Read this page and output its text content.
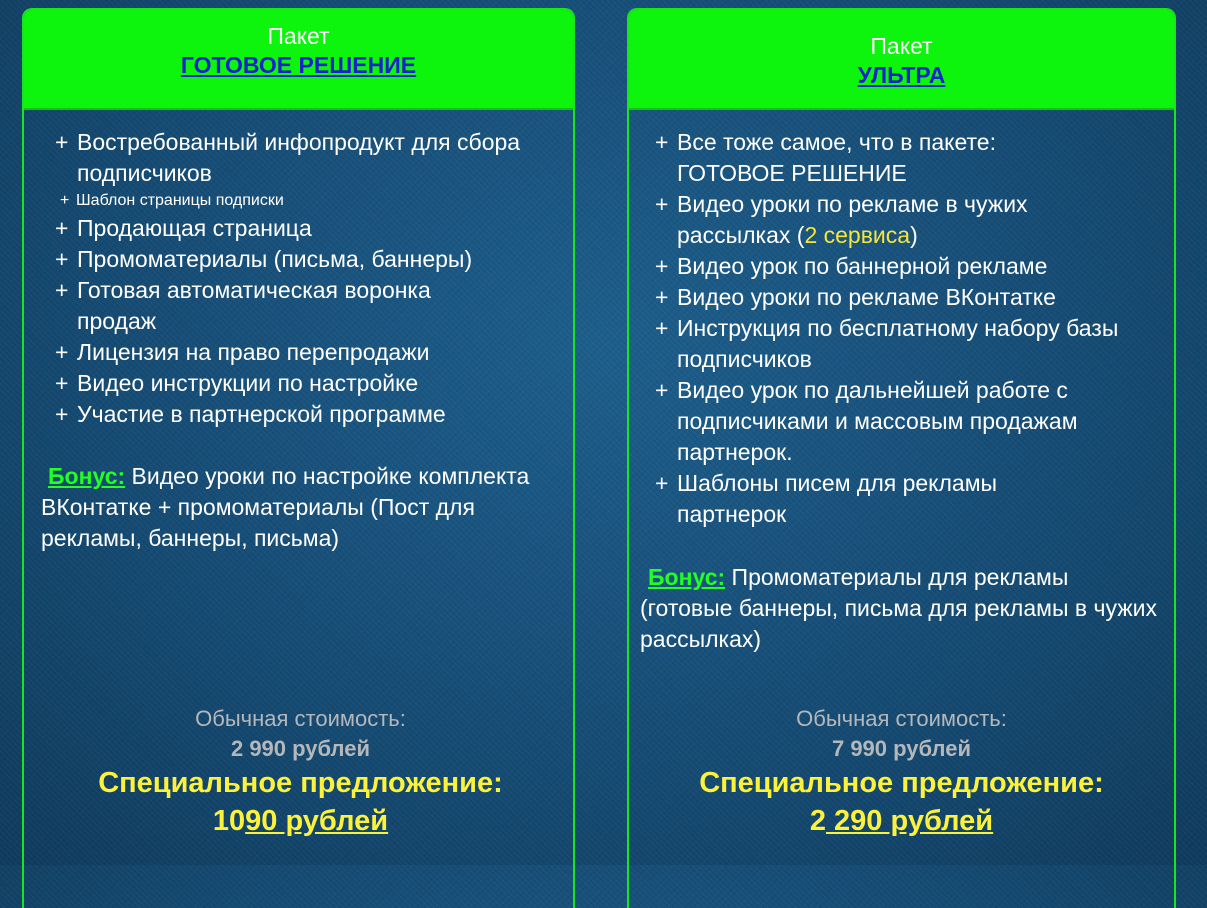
Пакет
ГОТОВОЕ РЕШЕНИЕ
+ Востребованный инфопродукт для сбора подписчиков
+ Шаблон страницы подписки
+ Продающая страница
+ Промоматериалы (письма, баннеры)
+ Готовая автоматическая воронка продаж
+ Лицензия на право перепродажи
+ Видео инструкции по настройке
+ Участие в партнерской программе
Бонус: Видео уроки по настройке комплекта ВКонтатке + промоматериалы (Пост для рекламы, баннеры, письма)
Обычная стоимость:
2 990 рублей
Специальное предложение:
1090 рублей
Пакет
УЛЬТРА
+ Все тоже самое, что в пакете: ГОТОВОЕ РЕШЕНИЕ
+ Видео уроки по рекламе в чужих рассылках (2 сервиса)
+ Видео урок по баннерной рекламе
+ Видео уроки по рекламе ВКонтатке
+ Инструкция по бесплатному набору базы подписчиков
+ Видео урок по дальнейшей работе с подписчиками и массовым продажам партнерок.
+ Шаблоны писем для рекламы партнерок
Бонус: Промоматериалы для рекламы (готовые баннеры, письма для рекламы в чужих рассылках)
Обычная стоимость:
7 990 рублей
Специальное предложение:
2 290 рублей
